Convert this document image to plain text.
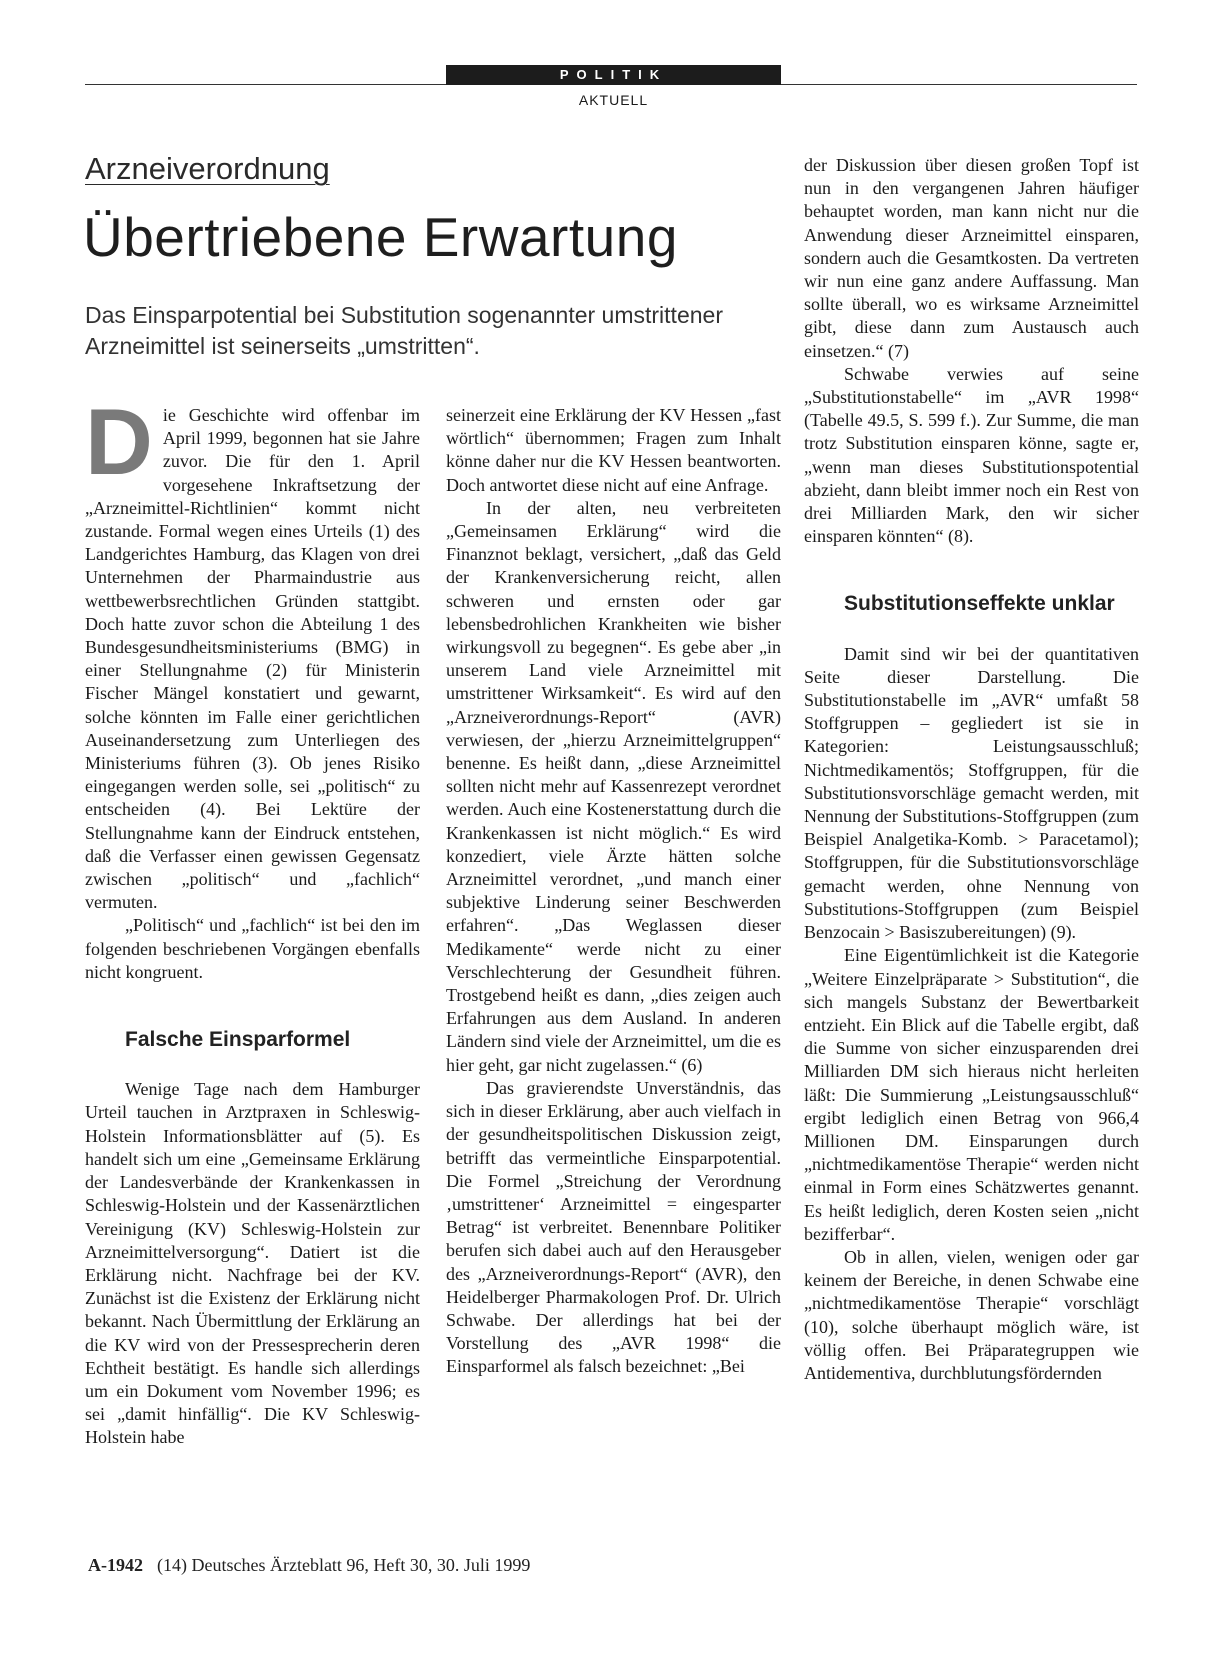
POLITIK
AKTUELL
Arzneiverordnung
Übertriebene Erwartung
Das Einsparpotential bei Substitution sogenannter umstrittener Arzneimittel ist seinerseits „umstritten“.

Die Geschichte wird offenbar im April 1999, begonnen hat sie Jahre zuvor. Die für den 1. April vorgesehene Inkraftsetzung der „Arzneimittel-Richtlinien“ kommt nicht zustande. Formal wegen eines Urteils (1) des Landgerichtes Hamburg, das Klagen von drei Unternehmen der Pharmaindustrie aus wettbewerbsrechtlichen Gründen stattgibt. Doch hatte zuvor schon die Abteilung 1 des Bundesgesundheitsministeriums (BMG) in einer Stellungnahme (2) für Ministerin Fischer Mängel konstatiert und gewarnt, solche könnten im Falle einer gerichtlichen Auseinandersetzung zum Unterliegen des Ministeriums führen (3). Ob jenes Risiko eingegangen werden solle, sei „politisch“ zu entscheiden (4). Bei Lektüre der Stellungnahme kann der Eindruck entstehen, daß die Verfasser einen gewissen Gegensatz zwischen „politisch“ und „fachlich“ vermuten.

„Politisch“ und „fachlich“ ist bei den im folgenden beschriebenen Vorgängen ebenfalls nicht kongruent.

Falsche Einsparformel

Wenige Tage nach dem Hamburger Urteil tauchen in Arztpraxen in Schleswig-Holstein Informationsblätter auf (5). Es handelt sich um eine „Gemeinsame Erklärung der Landesverbände der Krankenkassen in Schleswig-Holstein und der Kassenärztlichen Vereinigung (KV) Schleswig-Holstein zur Arzneimittelversorgung“. Datiert ist die Erklärung nicht. Nachfrage bei der KV. Zunächst ist die Existenz der Erklärung nicht bekannt. Nach Übermittlung der Erklärung an die KV wird von der Pressesprecherin deren Echtheit bestätigt. Es handle sich allerdings um ein Dokument vom November 1996; es sei „damit hinfällig“. Die KV Schleswig-Holstein habe

seinerzeit eine Erklärung der KV Hessen „fast wörtlich“ übernommen; Fragen zum Inhalt könne daher nur die KV Hessen beantworten. Doch antwortet diese nicht auf eine Anfrage.

In der alten, neu verbreiteten „Gemeinsamen Erklärung“ wird die Finanznot beklagt, versichert, „daß das Geld der Krankenversicherung reicht, allen schweren und ernsten oder gar lebensbedrohlichen Krankheiten wie bisher wirkungsvoll zu begegnen“. Es gebe aber „in unserem Land viele Arzneimittel mit umstrittener Wirksamkeit“. Es wird auf den „Arzneiverordnungs-Report“ (AVR) verwiesen, der „hierzu Arzneimittelgruppen“ benenne. Es heißt dann, „diese Arzneimittel sollten nicht mehr auf Kassenrezept verordnet werden. Auch eine Kostenerstattung durch die Krankenkassen ist nicht möglich.“ Es wird konzediert, viele Ärzte hätten solche Arzneimittel verordnet, „und manch einer subjektive Linderung seiner Beschwerden erfahren“. „Das Weglassen dieser Medikamente“ werde nicht zu einer Verschlechterung der Gesundheit führen. Trostgebend heißt es dann, „dies zeigen auch Erfahrungen aus dem Ausland. In anderen Ländern sind viele der Arzneimittel, um die es hier geht, gar nicht zugelassen.“ (6)

Das gravierendste Unverständnis, das sich in dieser Erklärung, aber auch vielfach in der gesundheitspolitischen Diskussion zeigt, betrifft das vermeintliche Einsparpotential. Die Formel „Streichung der Verordnung ‚umstrittener‘ Arzneimittel = eingesparter Betrag“ ist verbreitet. Benennbare Politiker berufen sich dabei auch auf den Herausgeber des „Arzneiverordnungs-Report“ (AVR), den Heidelberger Pharmakologen Prof. Dr. Ulrich Schwabe. Der allerdings hat bei der Vorstellung des „AVR 1998“ die Einsparformel als falsch bezeichnet: „Bei

der Diskussion über diesen großen Topf ist nun in den vergangenen Jahren häufiger behauptet worden, man kann nicht nur die Anwendung dieser Arzneimittel einsparen, sondern auch die Gesamtkosten. Da vertreten wir nun eine ganz andere Auffassung. Man sollte überall, wo es wirksame Arzneimittel gibt, diese dann zum Austausch auch einsetzen.“ (7)

Schwabe verwies auf seine „Substitutionstabelle“ im „AVR 1998“ (Tabelle 49.5, S. 599 f.). Zur Summe, die man trotz Substitution einsparen könne, sagte er, „wenn man dieses Substitutionspotential abzieht, dann bleibt immer noch ein Rest von drei Milliarden Mark, den wir sicher einsparen könnten“ (8).

Substitutionseffekte unklar

Damit sind wir bei der quantitativen Seite dieser Darstellung. Die Substitutionstabelle im „AVR“ umfaßt 58 Stoffgruppen – gegliedert ist sie in Kategorien: Leistungsausschluß; Nichtmedikamentös; Stoffgruppen, für die Substitutionsvorschläge gemacht werden, mit Nennung der Substitutions-Stoffgruppen (zum Beispiel Analgetika-Komb. > Paracetamol); Stoffgruppen, für die Substitutionsvorschläge gemacht werden, ohne Nennung von Substitutions-Stoffgruppen (zum Beispiel Benzocain > Basiszubereitungen) (9).

Eine Eigentümlichkeit ist die Kategorie „Weitere Einzelpräparate > Substitution“, die sich mangels Substanz der Bewertbarkeit entzieht. Ein Blick auf die Tabelle ergibt, daß die Summe von sicher einzusparenden drei Milliarden DM sich hieraus nicht herleiten läßt: Die Summierung „Leistungsausschluß“ ergibt lediglich einen Betrag von 966,4 Millionen DM. Einsparungen durch „nichtmedikamentöse Therapie“ werden nicht einmal in Form eines Schätzwertes genannt. Es heißt lediglich, deren Kosten seien „nicht bezifferbar“.

Ob in allen, vielen, wenigen oder gar keinem der Bereiche, in denen Schwabe eine „nichtmedikamentöse Therapie“ vorschlägt (10), solche überhaupt möglich wäre, ist völlig offen. Bei Präparategruppen wie Antidementiva, durchblutungsfördernden

A-1942 (14) Deutsches Ärzteblatt 96, Heft 30, 30. Juli 1999
